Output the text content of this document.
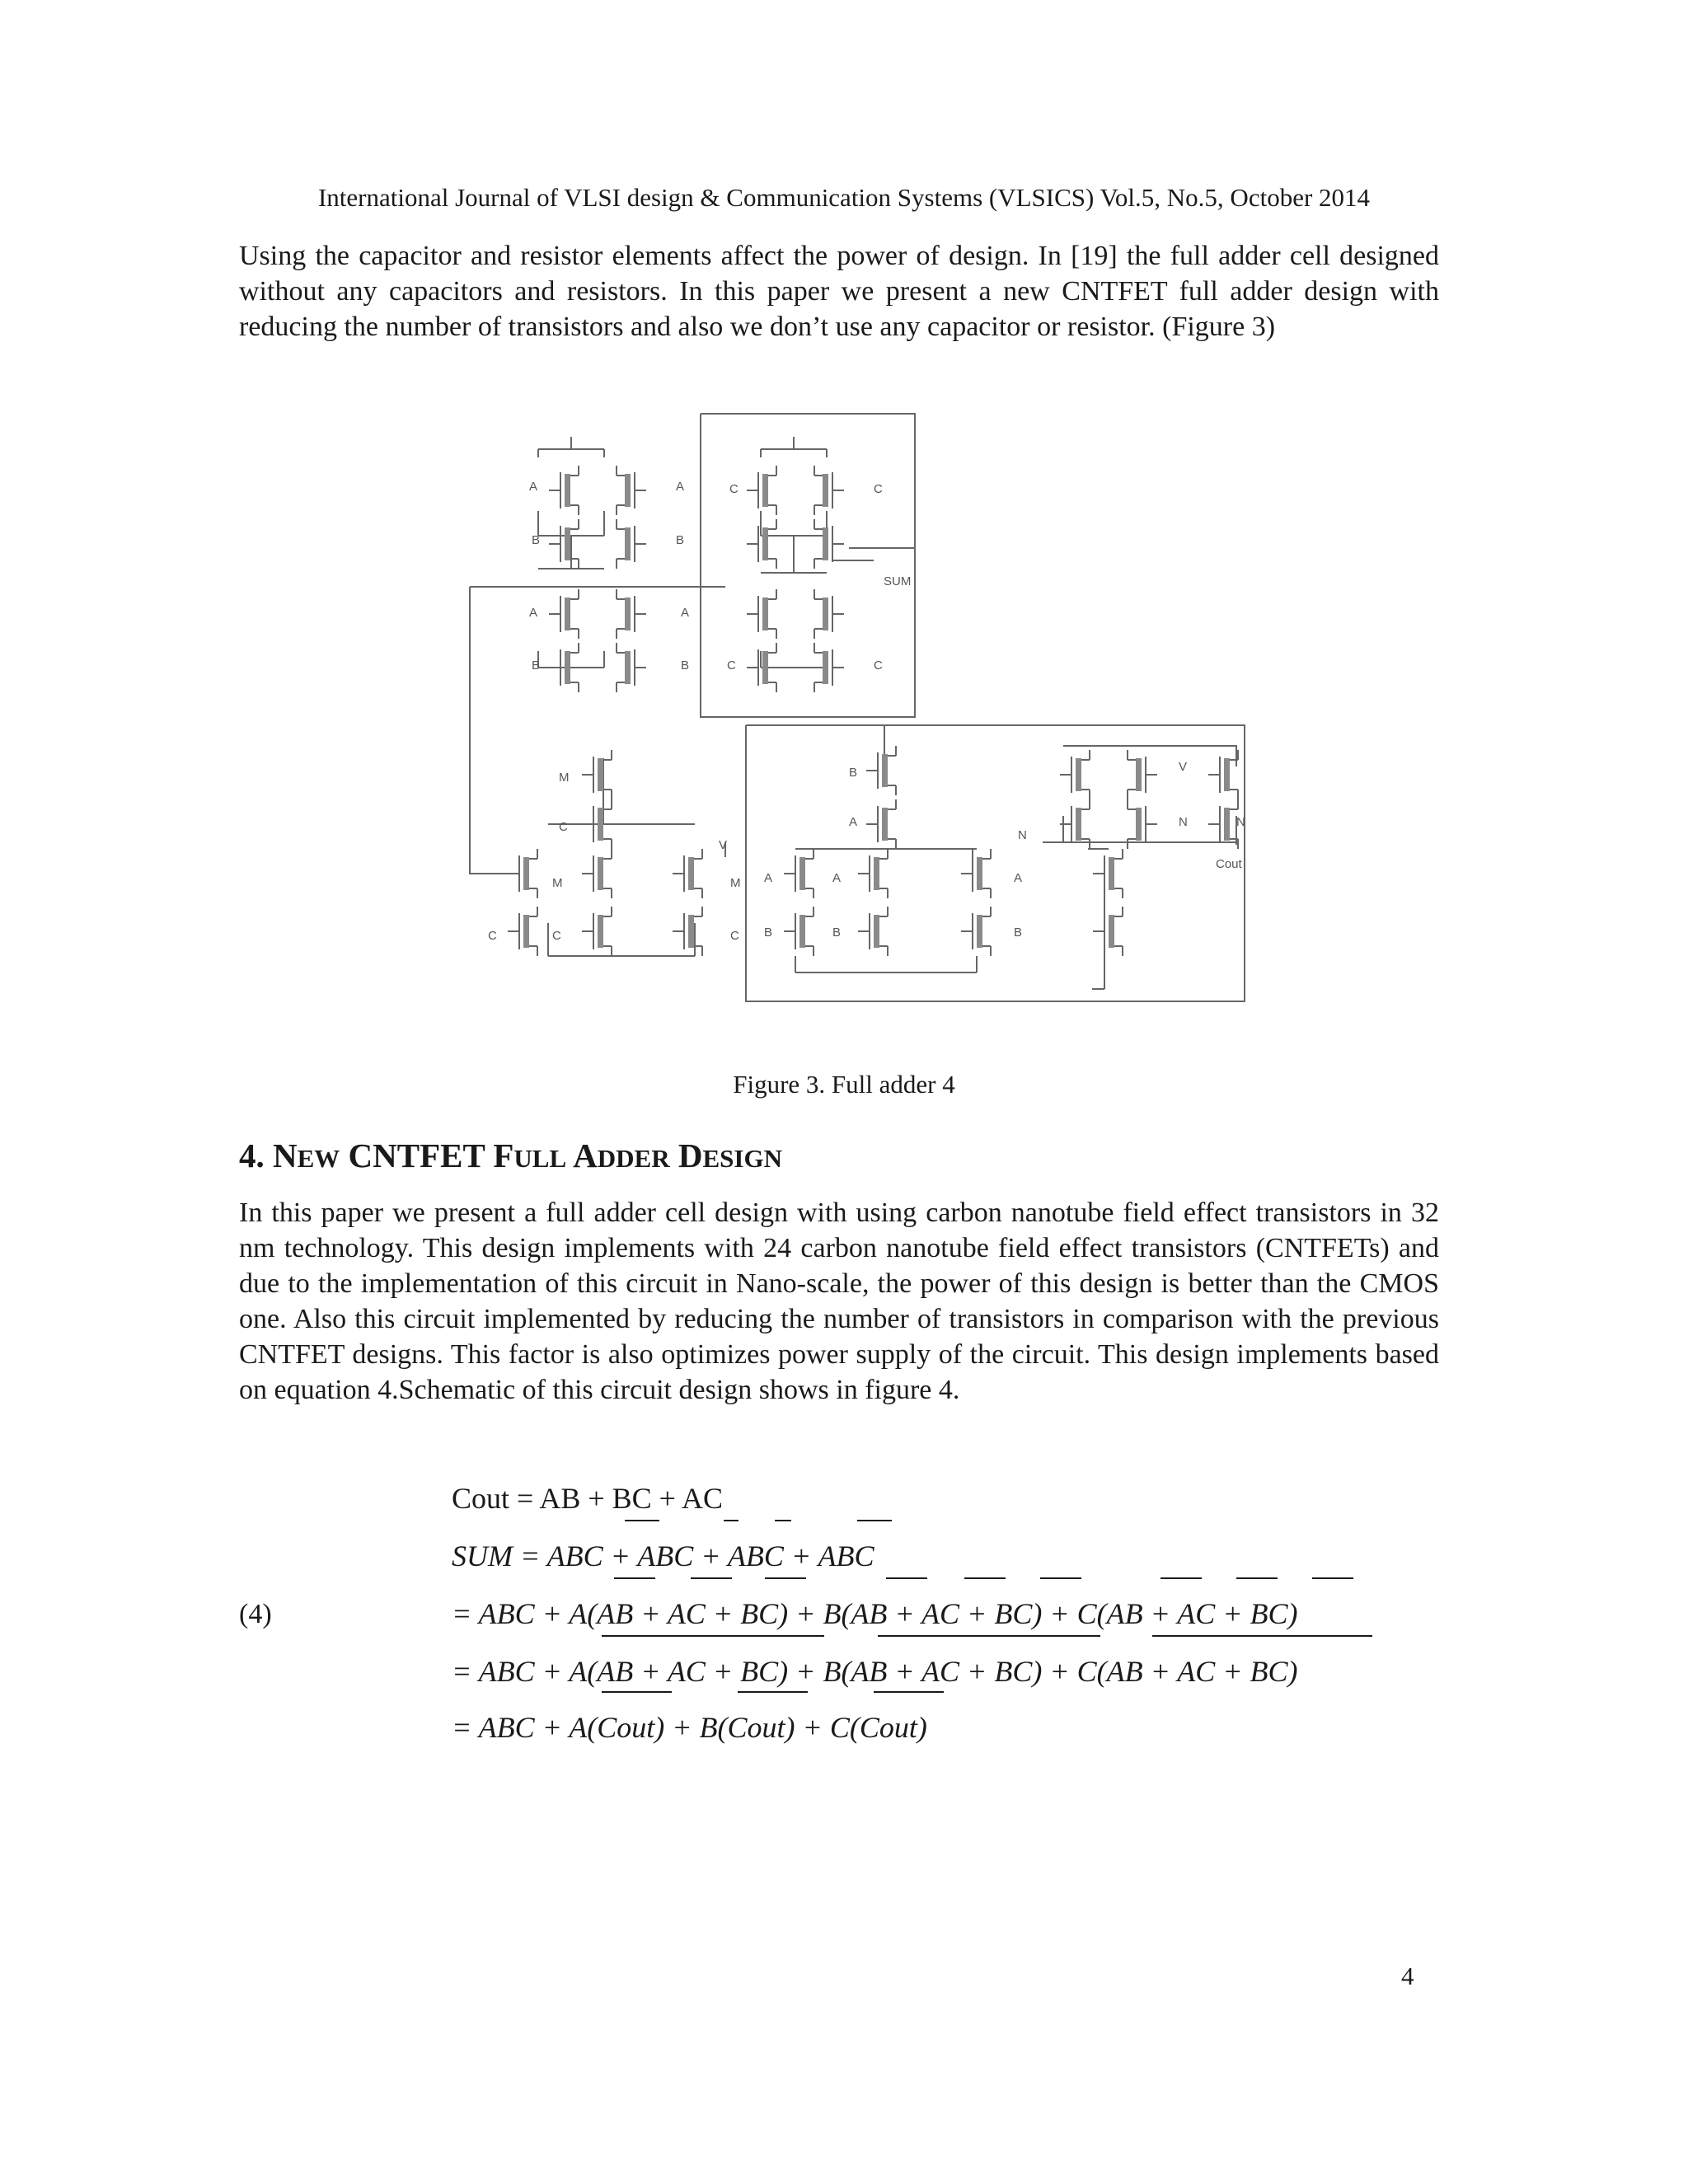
International Journal of VLSI design & Communication Systems (VLSICS) Vol.5, No.5, October 2014
Using the capacitor and resistor elements affect the power of design. In [19] the full adder cell designed without any capacitors and resistors. In this paper we present a new CNTFET full adder design with reducing the number of transistors and also we don’t use any capacitor or resistor. (Figure 3)
A	A
B	B
A	A
B	B
C	C
C	C
SUM
M
C
V
M	M
C	C	C
B
A
A	A	A
B	B	B
N
V
N	N
Cout
Figure 3. Full adder 4
4. NEW CNTFET FULL ADDER DESIGN
In this paper we present a full adder cell design with using carbon nanotube field effect transistors in 32 nm technology. This design implements with 24 carbon nanotube field effect transistors (CNTFETs) and due to the implementation of this circuit in Nano-scale, the power of this design is better than the CMOS one. Also this circuit implemented by reducing the number of transistors in comparison with the previous CNTFET designs. This factor is also optimizes power supply of the circuit. This design implements based on equation 4.Schematic of this circuit design shows in figure 4.
(4)
Cout = AB + BC + AC
SUM = ABC + ABC + ABC + ABC
= ABC + A(AB + AC + BC) + B(AB + AC + BC) + C(AB + AC + BC)
= ABC + A(AB + AC + BC) + B(AB + AC + BC) + C(AB + AC + BC)
= ABC + A(Cout) + B(Cout) + C(Cout)
4
